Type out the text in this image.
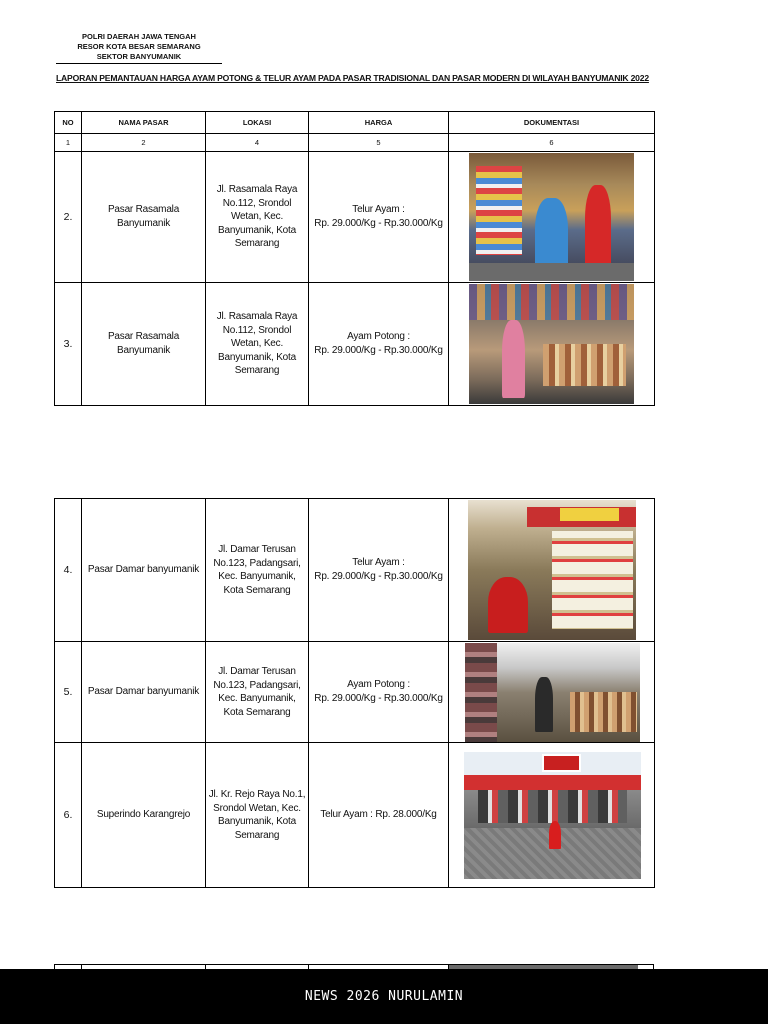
POLRI DAERAH JAWA TENGAH
RESOR KOTA BESAR SEMARANG
SEKTOR BANYUMANIK
LAPORAN PEMANTAUAN HARGA AYAM POTONG & TELUR AYAM PADA PASAR TRADISIONAL DAN PASAR MODERN DI WILAYAH BANYUMANIK 2022
NO	NAMA PASAR	LOKASI	HARGA	DOKUMENTASI
1	2	4	5	6
2.	Pasar Rasamala Banyumanik	Jl. Rasamala Raya No.112, Srondol Wetan, Kec. Banyumanik, Kota Semarang	Telur Ayam :
Rp. 29.000/Kg - Rp.30.000/Kg	

3.	Pasar Rasamala Banyumanik	Jl. Rasamala Raya No.112, Srondol Wetan, Kec. Banyumanik, Kota Semarang	Ayam Potong :
Rp. 29.000/Kg - Rp.30.000/Kg	

4.	Pasar Damar banyumanik	Jl. Damar Terusan No.123, Padangsari, Kec. Banyumanik, Kota Semarang	Telur Ayam :
Rp. 29.000/Kg - Rp.30.000/Kg	

5.	Pasar Damar banyumanik	Jl. Damar Terusan No.123, Padangsari, Kec. Banyumanik, Kota Semarang	Ayam Potong :
Rp. 29.000/Kg - Rp.30.000/Kg	

6.	Superindo Karangrejo	Jl. Kr. Rejo Raya No.1, Srondol Wetan, Kec. Banyumanik, Kota Semarang	Telur Ayam : Rp. 28.000/Kg	

NEWS 2026 NURULAMIN
